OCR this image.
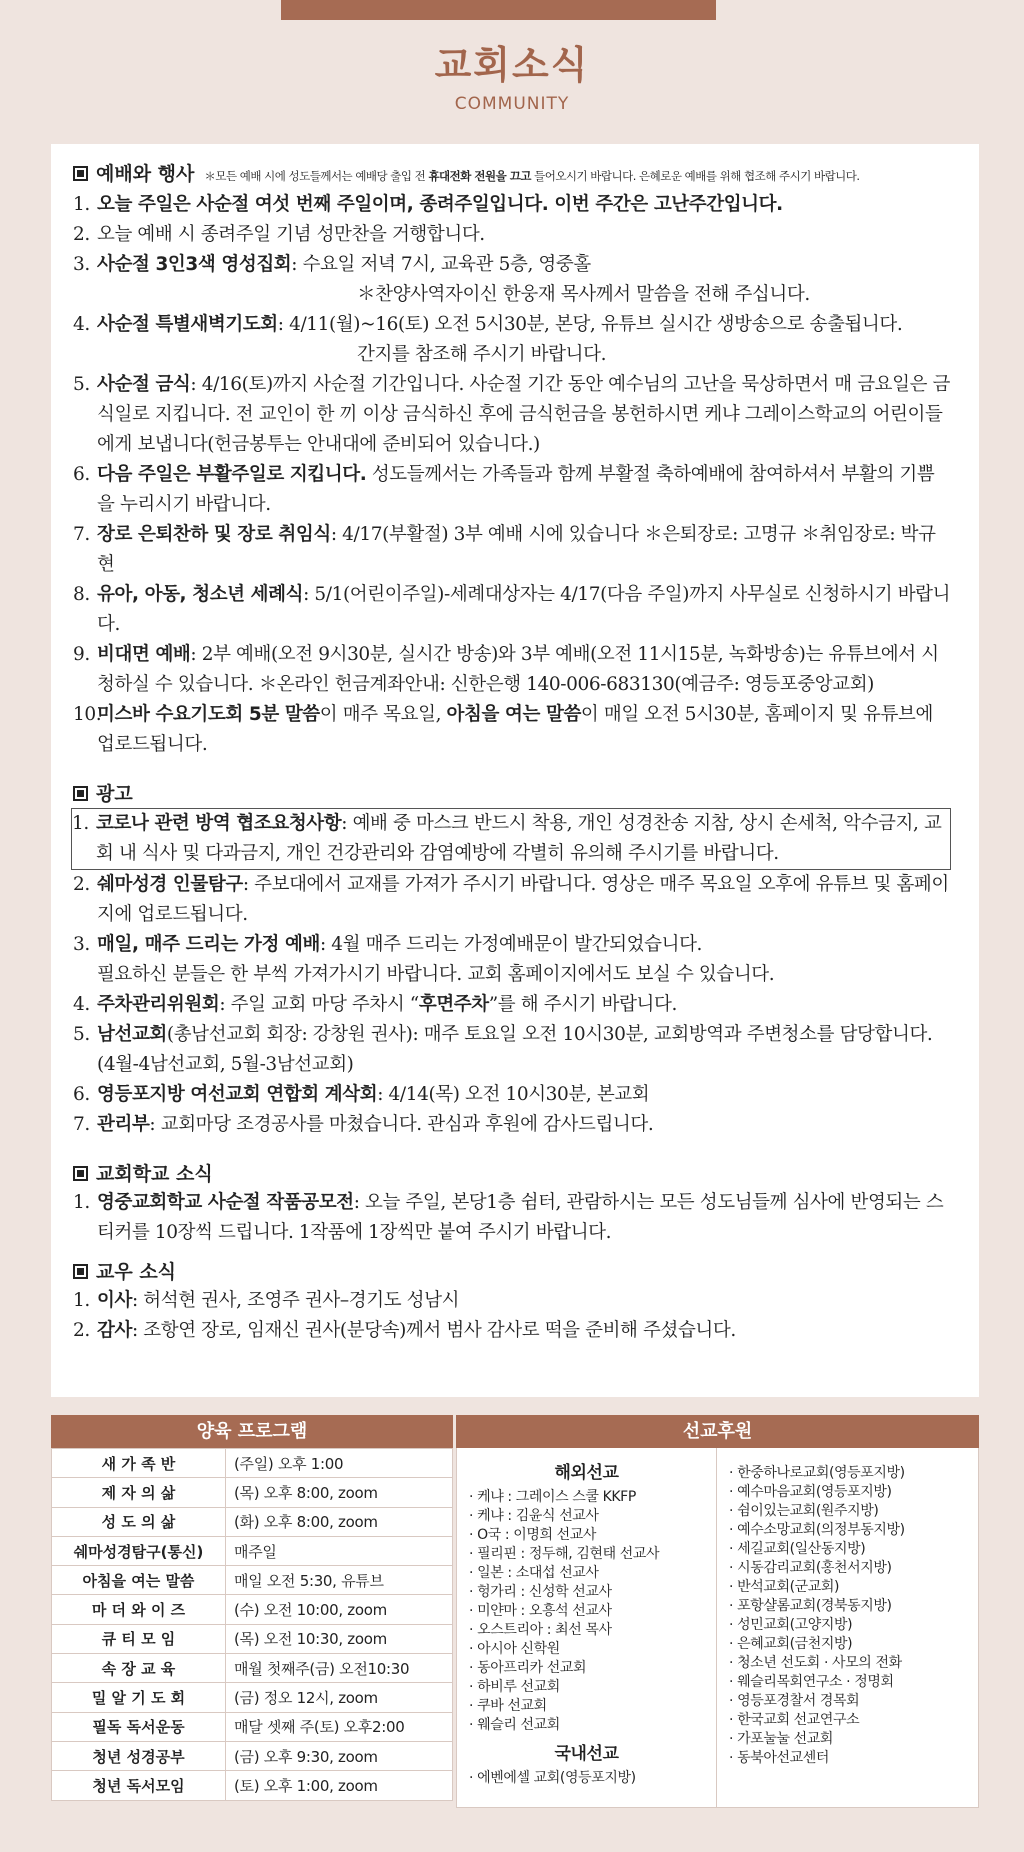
교회소식
COMMUNITY
예배와 행사 ＊모든 예배 시에 성도들께서는 예배당 출입 전 휴대전화 전원을 끄고 들어오시기 바랍니다. 은혜로운 예배를 위해 협조해 주시기 바랍니다.
1. 오늘 주일은 사순절 여섯 번째 주일이며, 종려주일입니다. 이번 주간은 고난주간입니다.
2. 오늘 예배 시 종려주일 기념 성만찬을 거행합니다.
3. 사순절 3인3색 영성집회: 수요일 저녁 7시, 교육관 5층, 영중홀
＊찬양사역자이신 한웅재 목사께서 말씀을 전해 주십니다.
4. 사순절 특별새벽기도회: 4/11(월)~16(토) 오전 5시30분, 본당, 유튜브 실시간 생방송으로 송출됩니다.
간지를 참조해 주시기 바랍니다.
5. 사순절 금식: 4/16(토)까지 사순절 기간입니다. 사순절 기간 동안 예수님의 고난을 묵상하면서 매 금요일은 금식일로 지킵니다. 전 교인이 한 끼 이상 금식하신 후에 금식헌금을 봉헌하시면 케냐 그레이스학교의 어린이들에게 보냅니다(헌금봉투는 안내대에 준비되어 있습니다.)
6. 다음 주일은 부활주일로 지킵니다. 성도들께서는 가족들과 함께 부활절 축하예배에 참여하셔서 부활의 기쁨을 누리시기 바랍니다.
7. 장로 은퇴찬하 및 장로 취임식: 4/17(부활절) 3부 예배 시에 있습니다 ＊은퇴장로: 고명규 ＊취임장로: 박규현
8. 유아, 아동, 청소년 세례식: 5/1(어린이주일)-세례대상자는 4/17(다음 주일)까지 사무실로 신청하시기 바랍니다.
9. 비대면 예배: 2부 예배(오전 9시30분, 실시간 방송)와 3부 예배(오전 11시15분, 녹화방송)는 유튜브에서 시청하실 수 있습니다. ＊온라인 헌금계좌안내: 신한은행 140-006-683130(예금주: 영등포중앙교회)
10.
미스바 수요기도회 5분 말씀이 매주 목요일, 아침을 여는 말씀이 매일 오전 5시30분, 홈페이지 및 유튜브에 업로드됩니다.
광고
1. 코로나 관련 방역 협조요청사항: 예배 중 마스크 반드시 착용, 개인 성경찬송 지참, 상시 손세척, 악수금지, 교회 내 식사 및 다과금지, 개인 건강관리와 감염예방에 각별히 유의해 주시기를 바랍니다.
2. 쉐마성경 인물탐구: 주보대에서 교재를 가져가 주시기 바랍니다. 영상은 매주 목요일 오후에 유튜브 및 홈페이지에 업로드됩니다.
3. 매일, 매주 드리는 가정 예배: 4월 매주 드리는 가정예배문이 발간되었습니다.
필요하신 분들은 한 부씩 가져가시기 바랍니다. 교회 홈페이지에서도 보실 수 있습니다.
4. 주차관리위원회: 주일 교회 마당 주차시 “후면주차”를 해 주시기 바랍니다.
5. 남선교회(총남선교회 회장: 강창원 권사): 매주 토요일 오전 10시30분, 교회방역과 주변청소를 담당합니다. (4월-4남선교회, 5월-3남선교회)
6. 영등포지방 여선교회 연합회 계삭회: 4/14(목) 오전 10시30분, 본교회
7. 관리부: 교회마당 조경공사를 마쳤습니다. 관심과 후원에 감사드립니다.
교회학교 소식
1. 영중교회학교 사순절 작품공모전: 오늘 주일, 본당1층 쉼터, 관람하시는 모든 성도님들께 심사에 반영되는 스티커를 10장씩 드립니다. 1작품에 1장씩만 붙여 주시기 바랍니다.
교우 소식
1. 이사: 허석현 권사, 조영주 권사–경기도 성남시
2. 감사: 조항연 장로, 임재신 권사(분당속)께서 범사 감사로 떡을 준비해 주셨습니다.
양육 프로그램
새 가 족 반	(주일) 오후 1:00
제 자 의 삶	(목) 오후 8:00, zoom
성 도 의 삶	(화) 오후 8:00, zoom
쉐마성경탐구(통신)	매주일
아침을 여는 말씀	매일 오전 5:30, 유튜브
마 더 와 이 즈	(수) 오전 10:00, zoom
큐 티 모 임	(목) 오전 10:30, zoom
속 장 교 육	매월 첫째주(금) 오전10:30
밀 알 기 도 회	(금) 정오 12시, zoom
필독 독서운동	매달 셋째 주(토) 오후2:00
청년 성경공부	(금) 오후 9:30, zoom
청년 독서모임	(토) 오후 1:00, zoom
선교후원
해외선교
· 케냐 : 그레이스 스쿨 KKFP
· 케냐 : 김윤식 선교사
· O국 : 이명희 선교사
· 필리핀 : 정두해, 김현태 선교사
· 일본 : 소대섭 선교사
· 헝가리 : 신성학 선교사
· 미얀마 : 오흥석 선교사
· 오스트리아 : 최선 목사
· 아시아 신학원
· 동아프리카 선교회
· 하비루 선교회
· 쿠바 선교회
· 웨슬리 선교회
국내선교
· 에벤에셀 교회(영등포지방)
· 한중하나로교회(영등포지방)
· 예수마음교회(영등포지방)
· 쉼이있는교회(원주지방)
· 예수소망교회(의정부동지방)
· 세길교회(일산동지방)
· 시동감리교회(홍천서지방)
· 반석교회(군교회)
· 포항샬롬교회(경북동지방)
· 성민교회(고양지방)
· 은혜교회(금천지방)
· 청소년 선도회 · 사모의 전화
· 웨슬리목회연구소 · 정명회
· 영등포경찰서 경목회
· 한국교회 선교연구소
· 가포눌눌 선교회
· 동북아선교센터
